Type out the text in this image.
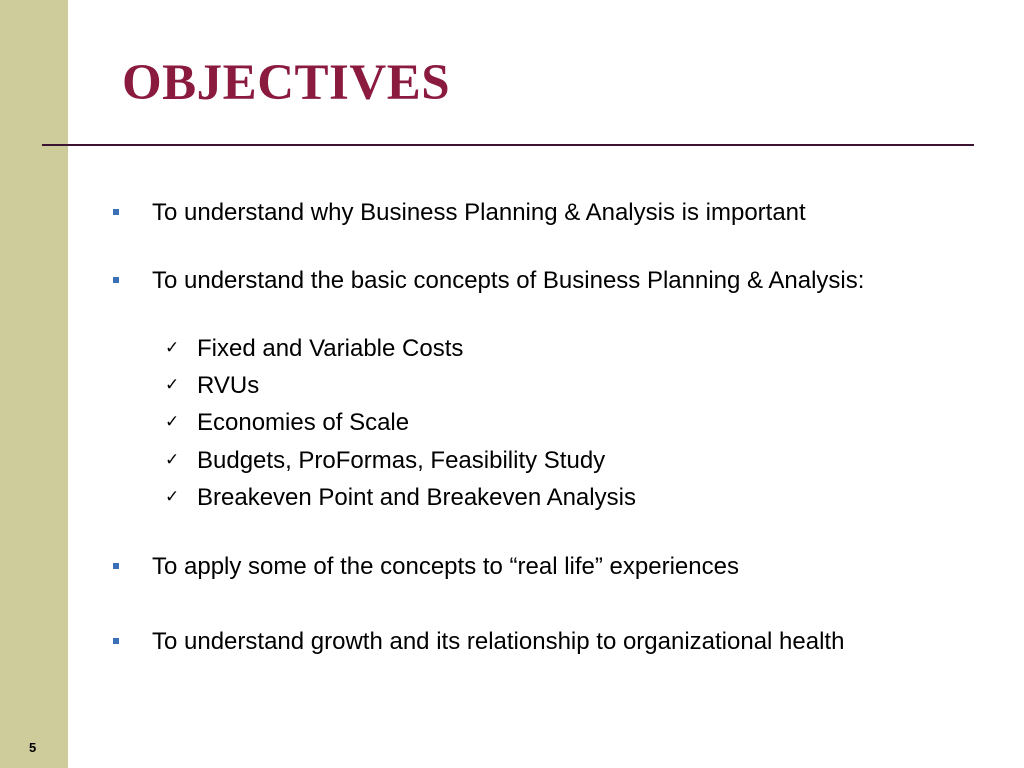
5
OBJECTIVES
To understand why Business Planning & Analysis is important
To understand the basic concepts of Business Planning & Analysis:
✓ Fixed and Variable Costs
✓ RVUs
✓ Economies of Scale
✓ Budgets, ProFormas, Feasibility Study
✓ Breakeven Point and Breakeven Analysis
To apply some of the concepts to “real life” experiences
To understand growth and its relationship to organizational health
